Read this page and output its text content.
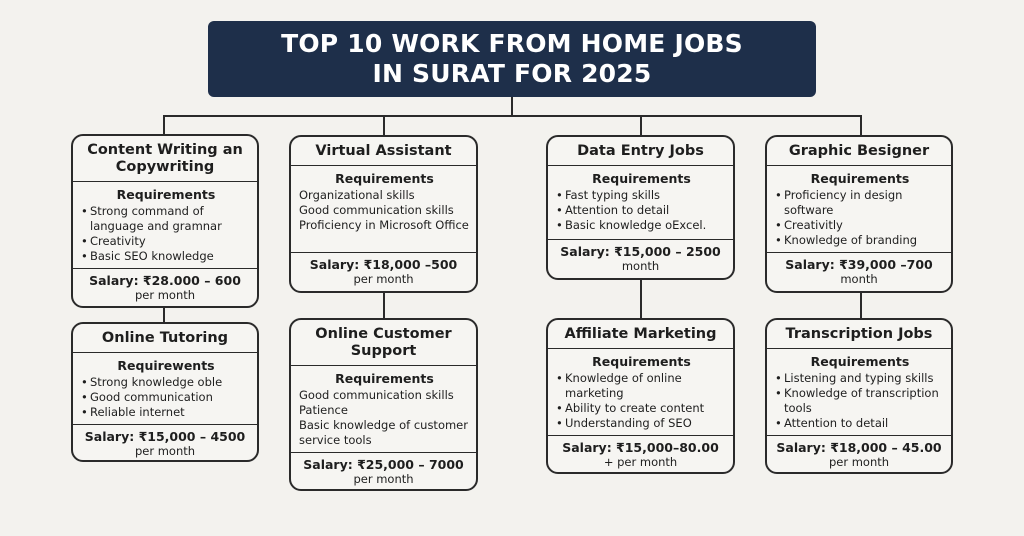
TOP 10 WORK FROM HOME JOBS
IN SURAT FOR 2025
Content Writing an
Copywriting
Requirements
• Strong command of language and gramnar
• Creativity
• Basic SEO knowledge
Salary: ₹28.000 – 600
per month
Virtual Assistant
Requirements
Organizational skills
Good communication skills
Proficiency in Microsoft Office
Salary: ₹18,000 –500
per month
Data Entry Jobs
Requirements
• Fast typing skills
• Attention to detail
• Basic knowledge oExcel.
Salary: ₹15,000 – 2500
month
Graphic Besigner
Requirements
• Proficiency in design software
• Creativitly
• Knowledge of branding
Salary: ₹39,000 –700
month
Online Tutoring
Requirewents
• Strong knowledge oble
• Good communication
• Reliable internet
Salary: ₹15,000 – 4500
per month
Online Customer
Support
Requirements
Good communication skills
Patience
Basic knowledge of customer service tools
Salary: ₹25,000 – 7000
per month
Affiliate Marketing
Requirements
• Knowledge of online marketing
• Ability to create content
• Understanding of SEO
Salary: ₹15,000–80.00
+ per month
Transcription Jobs
Requirements
• Listening and typing skills
• Knowledge of transcription tools
• Attention to detail
Salary: ₹18,000 – 45.00
per month
